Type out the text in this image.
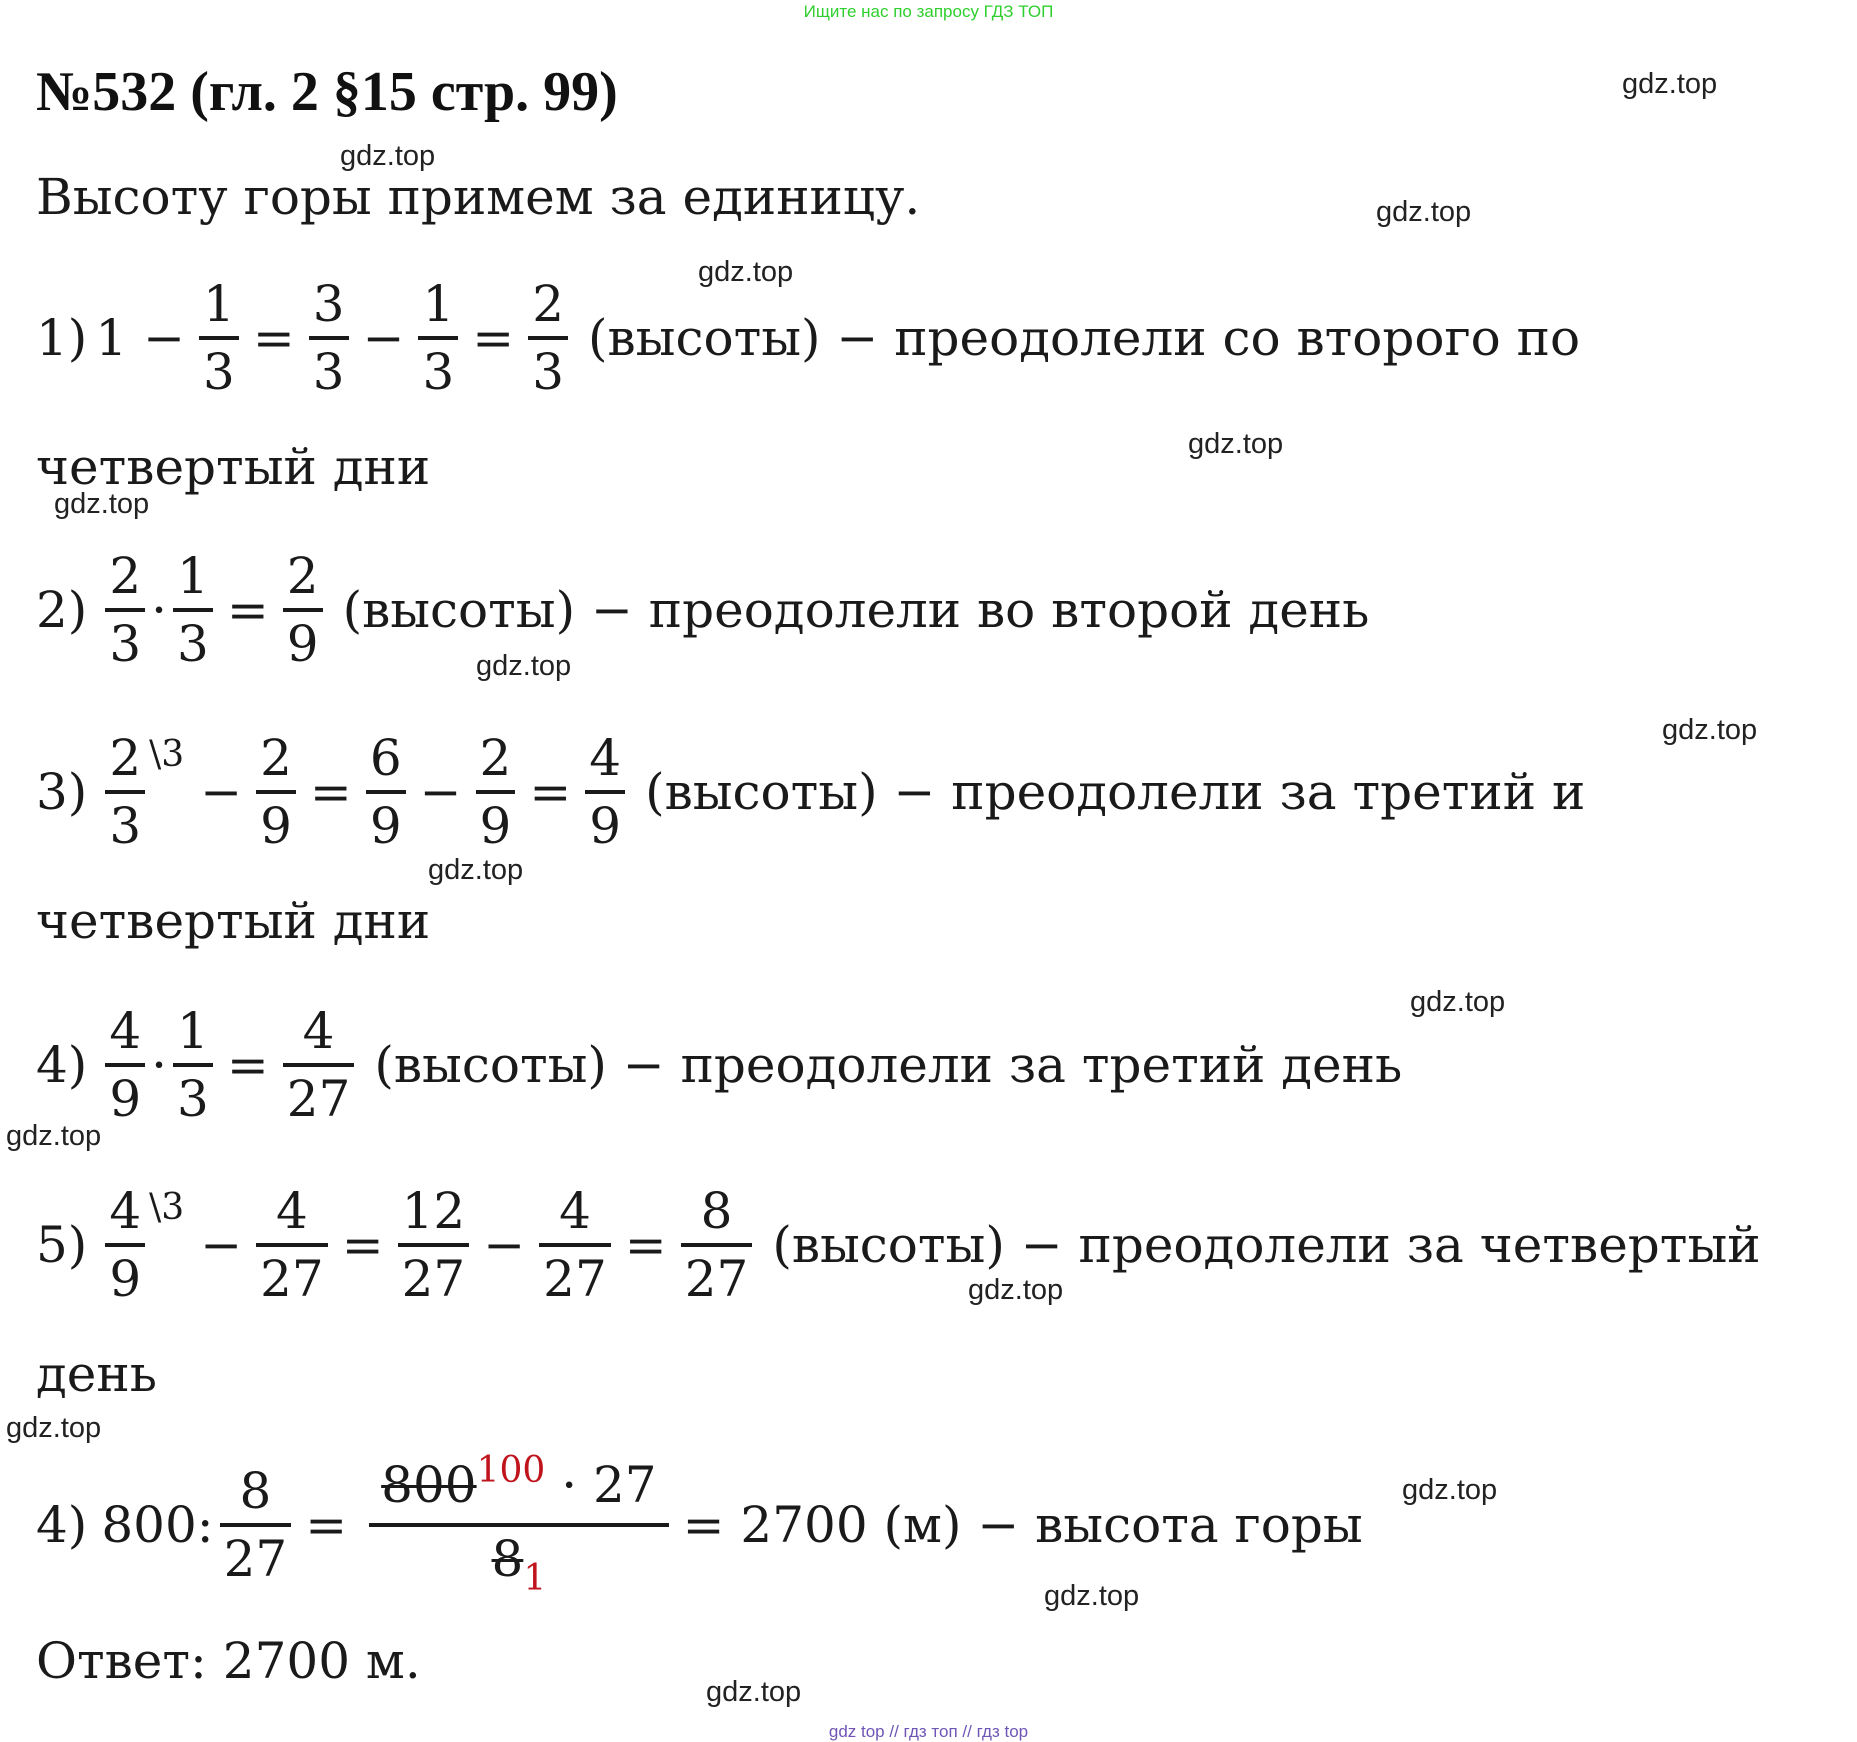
Ищите нас по запросу ГДЗ ТОП
№532 (гл. 2 §15 стр. 99)
Высоту горы примем за единицу.
1) $1 - \frac{1}{3} = \frac{3}{3} - \frac{1}{3} = \frac{2}{3}$ (высоты) − преодолели со второго по
четвертый дни
$2) \frac{2}{3} \cdot \frac{1}{3} = \frac{2}{9}$ (высоты) − преодолели во второй день
$3) \frac{2}{3}$ \3
− $\frac{2}{9} = \frac{6}{9} - \frac{2}{9} = \frac{4}{9}$ (высоты) − преодолели за третий и
четвертый дни
$4) \frac{4}{9} \cdot \frac{1}{3} = \frac{4}{27}$ (высоты) − преодолели за третий день
$5) \frac{4}{9}$ \3
− $\frac{4}{27} = \frac{12}{27} - \frac{4}{27} = \frac{8}{27}$ (высоты) − преодолели за четвертый
день
4) 800: $\frac{8}{27} = \frac{800^{100} \cdot 27}{8_1} = 2700$ (м) − высота горы
Ответ: 2700 м.
gdz.top
gdz.top
gdz.top
gdz.top
gdz.top
gdz.top
gdz.top
gdz.top
gdz.top
gdz.top
gdz.top
gdz.top
gdz.top
gdz.top
gdz.top
gdz.top
gdz top // гдз топ // гдз top
